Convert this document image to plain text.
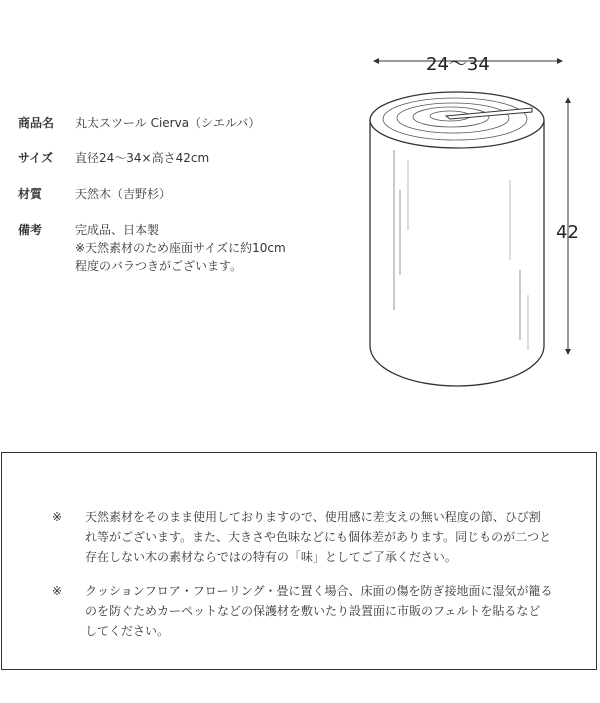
商品名	丸太スツール Cierva（シエルバ）
サイズ	直径24～34×高さ42cm
材質	天然木（吉野杉）
備考	完成品、日本製
※天然素材のため座面サイズに約10cm
程度のバラつきがございます。
24～34
42
※ 天然素材をそのまま使用しておりますので、使用感に差支えの無い程度の節、ひび割
れ等がございます。また、大きさや色味などにも個体差があります。同じものが二つと
存在しない木の素材ならではの特有の「味」としてご了承ください。
※ クッションフロア・フローリング・畳に置く場合、床面の傷を防ぎ接地面に湿気が籠る
のを防ぐためカーペットなどの保護材を敷いたり設置面に市販のフェルトを貼るなど
してください。
